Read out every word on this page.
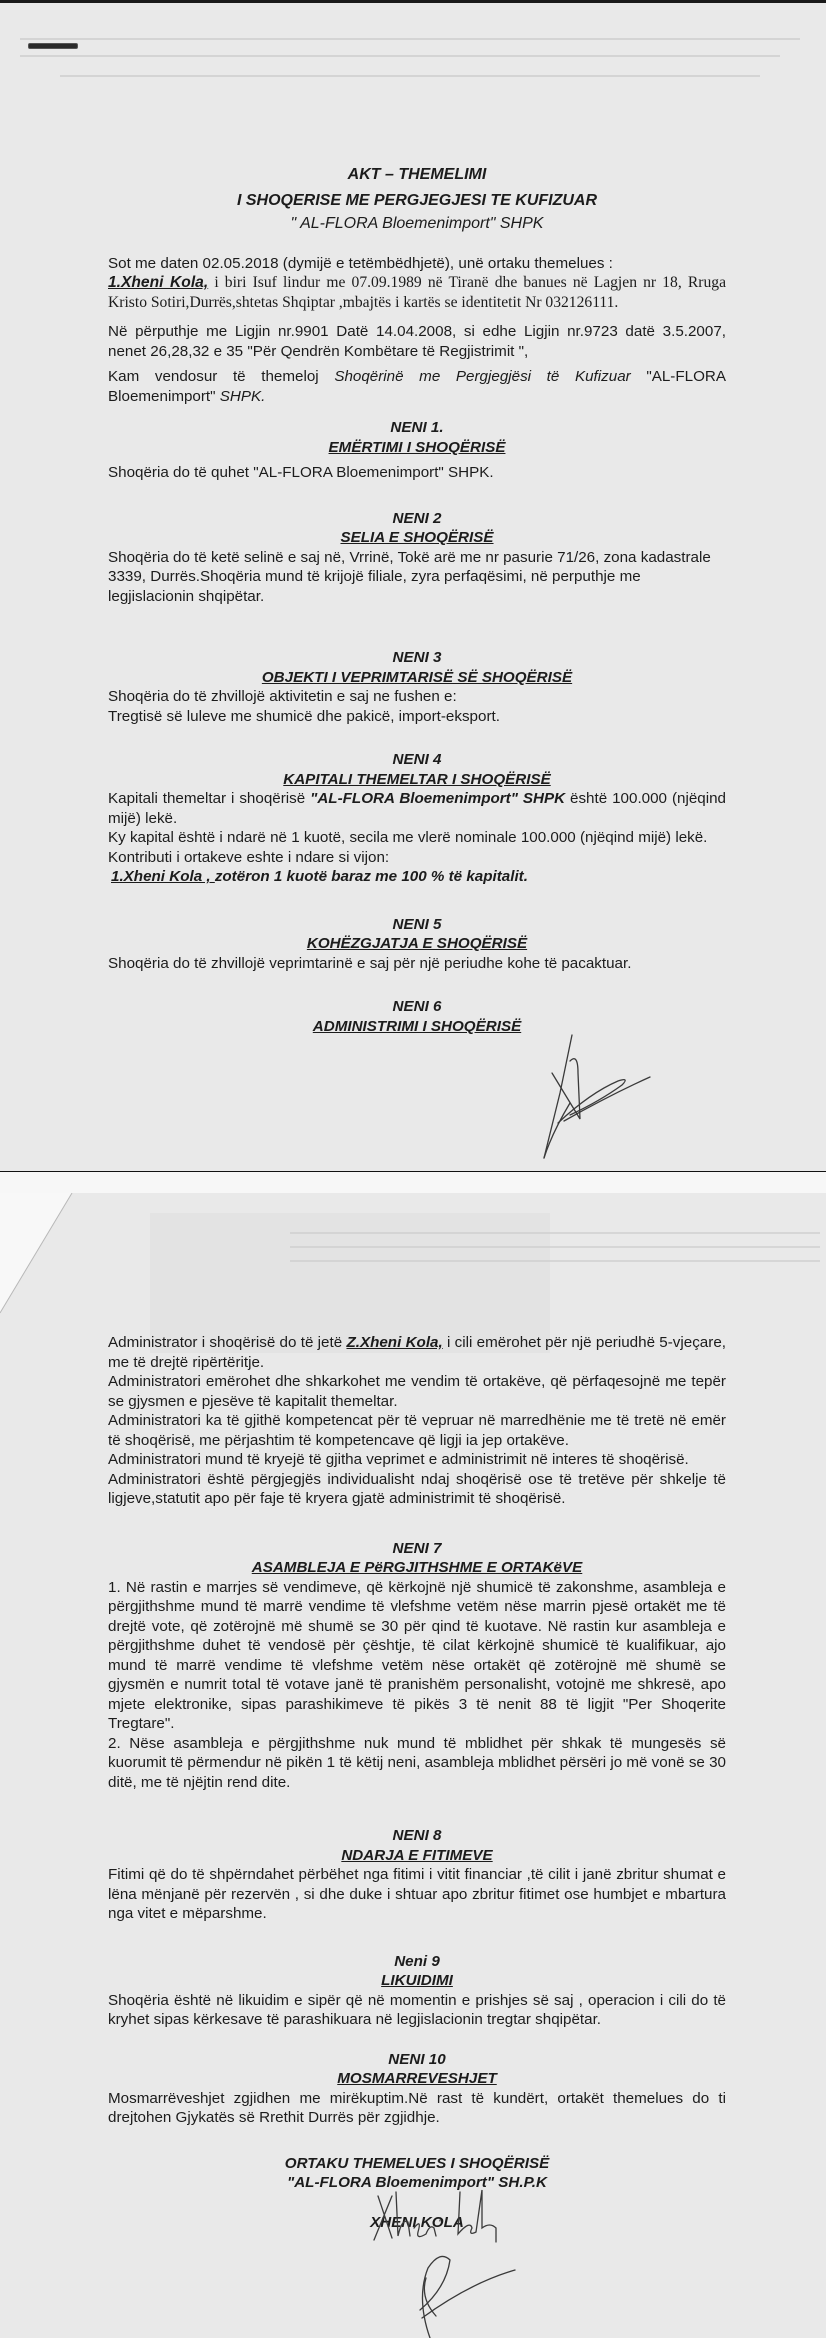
AKT – THEMELIMI
I SHOQERISE ME PERGJEGJESI TE KUFIZUAR
" AL-FLORA Bloemenimport" SHPK

Sot me daten 02.05.2018 (dymijë e tetëmbëdhjetë), unë ortaku themelues :

1.Xheni Kola, i biri Isuf lindur me 07.09.1989 në Tiranë dhe banues në Lagjen nr 18, Rruga Kristo Sotiri,Durrës,shtetas Shqiptar ,mbajtës i kartës se identitetit Nr 032126111.

Në përputhje me Ligjin nr.9901 Datë 14.04.2008, si edhe Ligjin nr.9723 datë 3.5.2007, nenet 26,28,32 e 35 "Për Qendrën Kombëtare të Regjistrimit ",

Kam vendosur të themeloj Shoqërinë me Pergjegjësi të Kufizuar "AL-FLORA Bloemenimport" SHPK.

NENI 1.
EMËRTIMI I SHOQËRISË

Shoqëria do të quhet "AL-FLORA Bloemenimport" SHPK.

NENI 2
SELIA E SHOQËRISË

Shoqëria do të ketë selinë e saj në, Vrrinë, Tokë arë me nr pasurie 71/26, zona kadastrale 3339, Durrës.Shoqëria mund të krijojë filiale, zyra perfaqësimi, në perputhje me legjislacionin shqipëtar.

NENI 3
OBJEKTI I VEPRIMTARISË SË SHOQËRISË

Shoqëria do të zhvillojë aktivitetin e saj ne fushen e:

Tregtisë së luleve me shumicë dhe pakicë, import-eksport.

NENI 4
KAPITALI THEMELTAR I SHOQËRISË

Kapitali themeltar i shoqërisë "AL-FLORA Bloemenimport" SHPK është 100.000 (njëqind mijë) lekë.

Ky kapital është i ndarë në 1 kuotë, secila me vlerë nominale 100.000 (njëqind mijë) lekë.

Kontributi i ortakeve eshte i ndare si vijon:

1.Xheni Kola , zotëron 1 kuotë baraz me 100 % të kapitalit.

NENI 5
KOHËZGJATJA E SHOQËRISË

Shoqëria do të zhvillojë veprimtarinë e saj për një periudhe kohe të pacaktuar.

NENI 6
ADMINISTRIMI I SHOQËRISË

Administrator i shoqërisë do të jetë Z.Xheni Kola, i cili emërohet për një periudhë 5-vjeçare, me të drejtë ripërtëritje.

Administratori emërohet dhe shkarkohet me vendim të ortakëve, që përfaqesojnë me tepër se gjysmen e pjesëve të kapitalit themeltar.

Administratori ka të gjithë kompetencat për të vepruar në marredhënie me të tretë në emër të shoqërisë, me përjashtim të kompetencave që ligji ia jep ortakëve.

Administratori mund të kryejë të gjitha veprimet e administrimit në interes të shoqërisë.

Administratori është përgjegjës individualisht ndaj shoqërisë ose të tretëve për shkelje të ligjeve,statutit apo për faje të kryera gjatë administrimit të shoqërisë.

NENI 7
ASAMBLEJA E PëRGJITHSHME E ORTAKëVE

1. Në rastin e marrjes së vendimeve, që kërkojnë një shumicë të zakonshme, asambleja e përgjithshme mund të marrë vendime të vlefshme vetëm nëse marrin pjesë ortakët me të drejtë vote, që zotërojnë më shumë se 30 për qind të kuotave. Në rastin kur asambleja e përgjithshme duhet të vendosë për çështje, të cilat kërkojnë shumicë të kualifikuar, ajo mund të marrë vendime të vlefshme vetëm nëse ortakët që zotërojnë më shumë se gjysmën e numrit total të votave janë të pranishëm personalisht, votojnë me shkresë, apo mjete elektronike, sipas parashikimeve të pikës 3 të nenit 88 të ligjit "Per Shoqerite Tregtare".

2. Nëse asambleja e përgjithshme nuk mund të mblidhet për shkak të mungesës së kuorumit të përmendur në pikën 1 të këtij neni, asambleja mblidhet përsëri jo më vonë se 30 ditë, me të njëjtin rend dite.

NENI 8
NDARJA E FITIMEVE

Fitimi që do të shpërndahet përbëhet nga fitimi i vitit financiar ,të cilit i janë zbritur shumat e lëna mënjanë për rezervën , si dhe duke i shtuar apo zbritur fitimet ose humbjet e mbartura nga vitet e mëparshme.

Neni 9
LIKUIDIMI

Shoqëria është në likuidim e sipër që në momentin e prishjes së saj , operacion i cili do të kryhet sipas kërkesave të parashikuara në legjislacionin tregtar shqipëtar.

NENI 10
MOSMARREVESHJET

Mosmarrëveshjet zgjidhen me mirëkuptim.Në rast të kundërt, ortakët themelues do ti drejtohen Gjykatës së Rrethit Durrës për zgjidhje.

ORTAKU THEMELUES I SHOQËRISË
"AL-FLORA Bloemenimport" SH.P.K
XHENI KOLA
